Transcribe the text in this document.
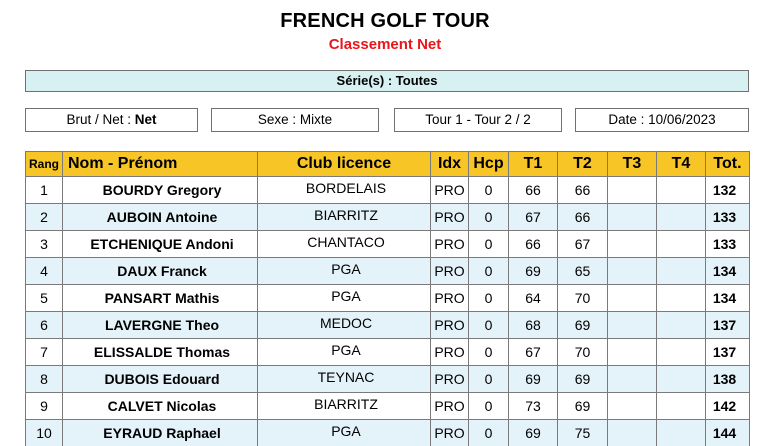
FRENCH GOLF TOUR
Classement Net
Série(s) : Toutes
Brut / Net : Net	Sexe : Mixte	Tour 1 - Tour 2 / 2	Date : 10/06/2023
Rang	Nom - Prénom	Club licence	Idx	Hcp	T1	T2	T3	T4	Tot.
1	BOURDY Gregory	BORDELAIS	PRO	0	66	66			132
2	AUBOIN Antoine	BIARRITZ	PRO	0	67	66			133
3	ETCHENIQUE Andoni	CHANTACO	PRO	0	66	67			133
4	DAUX Franck	PGA	PRO	0	69	65			134
5	PANSART Mathis	PGA	PRO	0	64	70			134
6	LAVERGNE Theo	MEDOC	PRO	0	68	69			137
7	ELISSALDE Thomas	PGA	PRO	0	67	70			137
8	DUBOIS Edouard	TEYNAC	PRO	0	69	69			138
9	CALVET Nicolas	BIARRITZ	PRO	0	73	69			142
10	EYRAUD Raphael	PGA	PRO	0	69	75			144
